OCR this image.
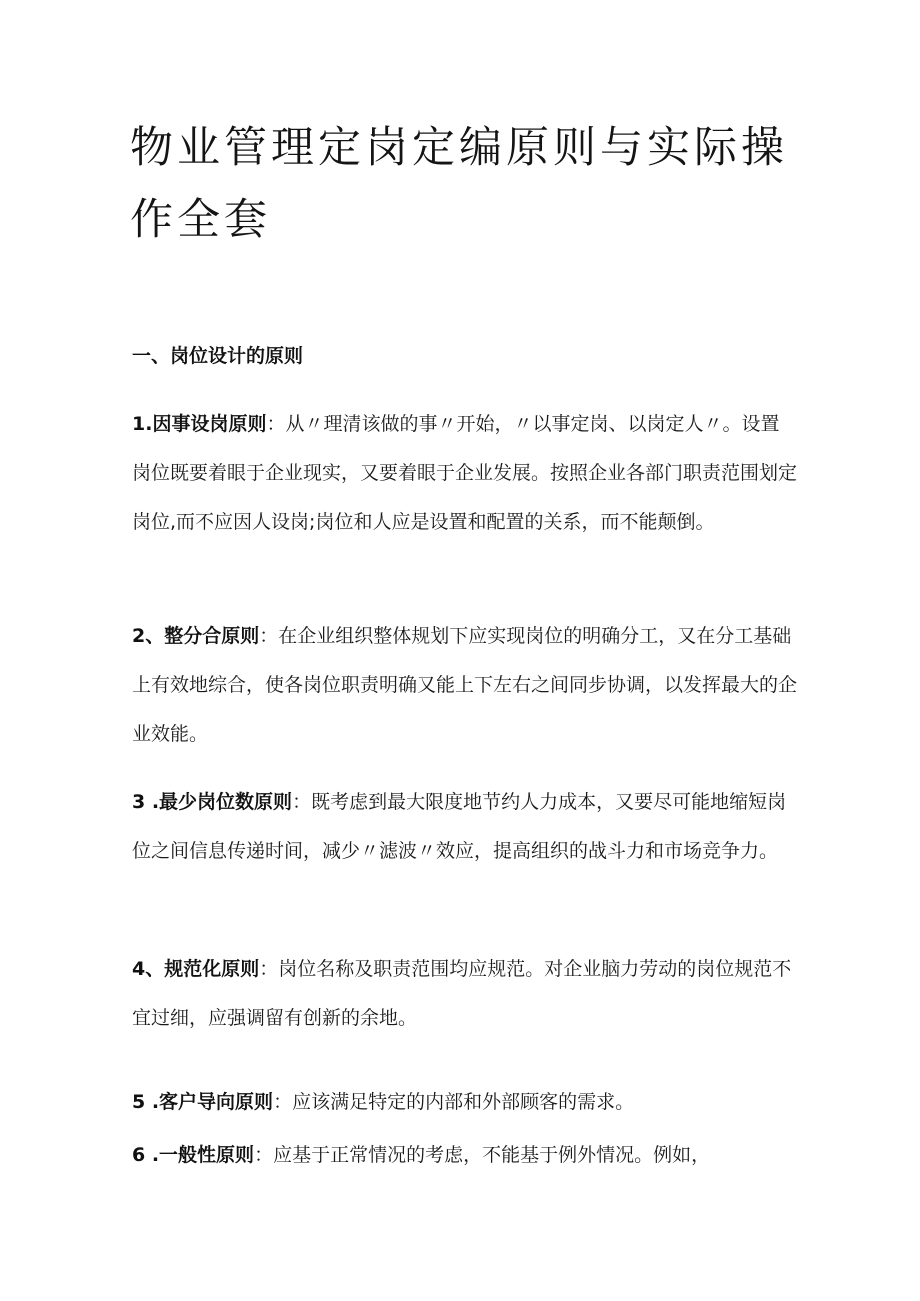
物业管理定岗定编原则与实际操作全套
一、岗位设计的原则

1.因事设岗原则：从〃理清该做的事〃开始，〃以事定岗、以岗定人〃。设置岗位既要着眼于企业现实，又要着眼于企业发展。按照企业各部门职责范围划定岗位,而不应因人设岗;岗位和人应是设置和配置的关系，而不能颠倒。

2、整分合原则：在企业组织整体规划下应实现岗位的明确分工，又在分工基础上有效地综合，使各岗位职责明确又能上下左右之间同步协调，以发挥最大的企业效能。

3 .最少岗位数原则：既考虑到最大限度地节约人力成本，又要尽可能地缩短岗位之间信息传递时间，减少〃滤波〃效应，提高组织的战斗力和市场竞争力。

4、规范化原则：岗位名称及职责范围均应规范。对企业脑力劳动的岗位规范不宜过细，应强调留有创新的余地。

5 .客户导向原则：应该满足特定的内部和外部顾客的需求。

6 .一般性原则：应基于正常情况的考虑，不能基于例外情况。例如，
